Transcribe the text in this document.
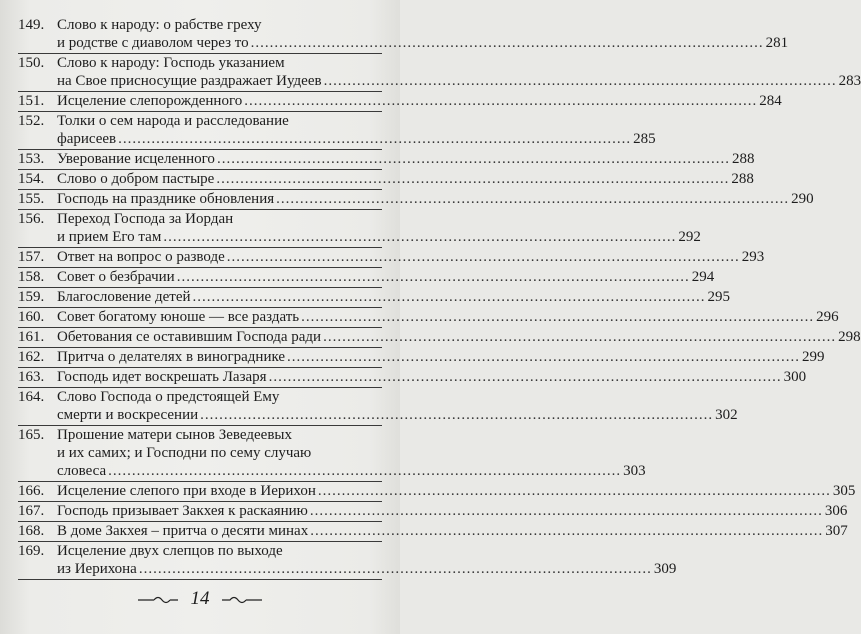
149. Слово к народу: о рабстве греху
и родстве с диаволом через то .....	281
150. Слово к народу: Господь указанием
на Свое присносущие раздражает Иудеев .....	283
151. Исцеление слепорожденного .....	284
152. Толки о сем народа и расследование
фарисеев .....	285
153. Уверование исцеленного .....	288
154. Слово о добром пастыре .....	288
155. Господь на празднике обновления .....	290
156. Переход Господа за Иордан
и прием Его там .....	292
157. Ответ на вопрос о разводе .....	293
158. Совет о безбрачии .....	294
159. Благословение детей .....	295
160. Совет богатому юноше — все раздать .....	296
161. Обетования се оставившим Господа ради .....	298
162. Притча о делателях в винограднике .....	299
163. Господь идет воскрешать Лазаря .....	300
164. Слово Господа о предстоящей Ему
смерти и воскресении .....	302
165. Прошение матери сынов Зеведеевых
и их самих; и Господни по сему случаю
словеса .....	303
166. Исцеление слепого при входе в Иерихон .....	305
167. Господь призывает Закхея к раскаянию .....	306
168. В доме Закхея – притча о десяти минах .....	307
169. Исцеление двух слепцов по выходе
из Иерихона .....	309
14
